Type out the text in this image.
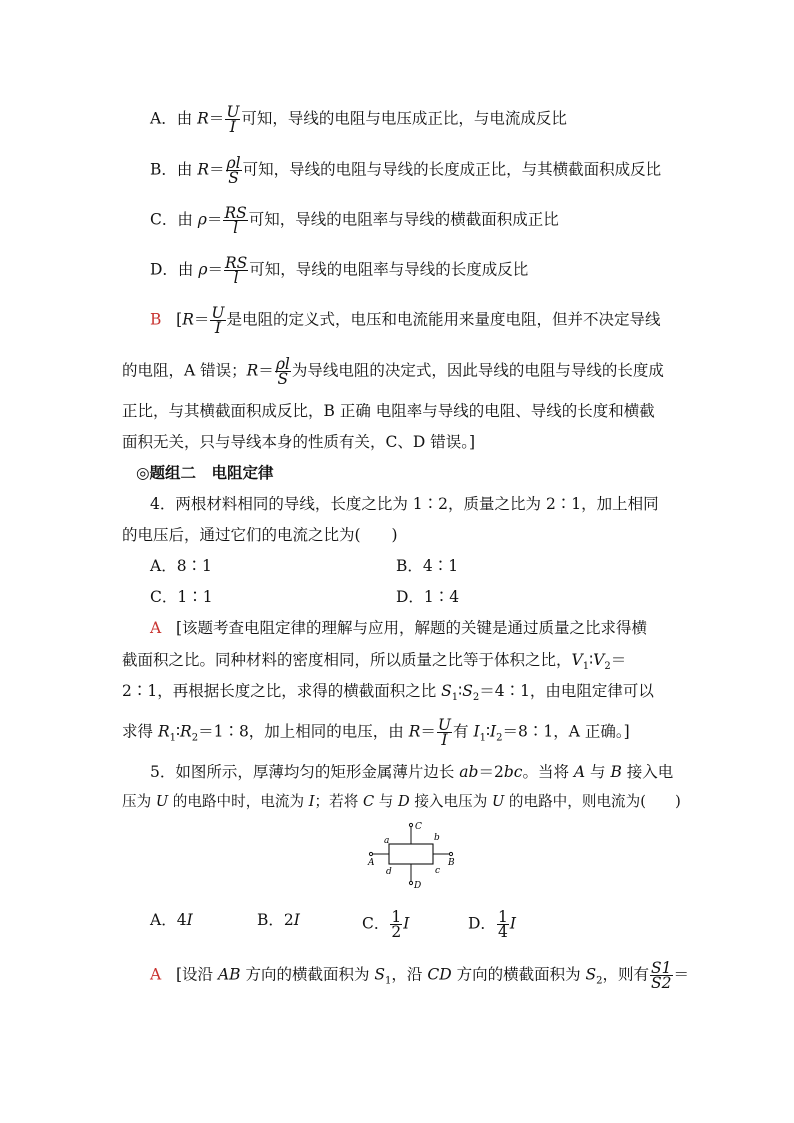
A．由 $R= \frac{U}{I}$ 可知，导线的电阻与电压成正比，与电流成反比
B．由 $R= \frac{\rho l}{S}$ 可知，导线的电阻与导线的长度成正比，与其横截面积成反比
C．由 $\rho= \frac{RS}{l}$ 可知，导线的电阻率与导线的横截面积成正比
D．由 $\rho= \frac{RS}{l}$ 可知，导线的电阻率与导线的长度成反比
B [$R= \frac{U}{I}$ 是电阻的定义式，电压和电流能用来量度电阻，但并不决定导线
的电阻，A 错误；$R= \frac{\rho l}{S}$ 为导线电阻的决定式，因此导线的电阻与导线的长度成
正比，与其横截面积成反比，B 正确 电阻率与导线的电阻、导线的长度和横截
面积无关，只与导线本身的性质有关，C、D 错误。]
◎题组二　电阻定律
4．两根材料相同的导线，长度之比为 1∶2，质量之比为 2∶1，加上相同
的电压后，通过它们的电流之比为(　　)
A．8∶1	B．4∶1
C．1∶1	D．1∶4
A [该题考查电阻定律的理解与应用，解题的关键是通过质量之比求得横
截面积之比。同种材料的密度相同，所以质量之比等于体积之比，$V_1∶V_2=$
2∶1，再根据长度之比，求得的横截面积之比 $S_1∶S_2=4∶1$，由电阻定律可以
求得 $R_1∶R_2=1∶8$，加上相同的电压，由 $R= \frac{U}{I}$ 有 $I_1∶I_2=8∶1$，A 正确。]
5．如图所示，厚薄均匀的矩形金属薄片边长 ab＝2bc。当将 A 与 B 接入电
压为 U 的电路中时，电流为 I；若将 C 与 D 接入电压为 U 的电路中，则电流为(　　)
a	b
c
d
A	B
C
D
A．4I	B．2I	C． $\frac{1}{2}$ I	D． $\frac{1}{4}$ I
A [设沿 AB 方向的横截面积为 $S_1$，沿 CD 方向的横截面积为 $S_2$，则有 $\frac{S1}{S2}$ ＝
